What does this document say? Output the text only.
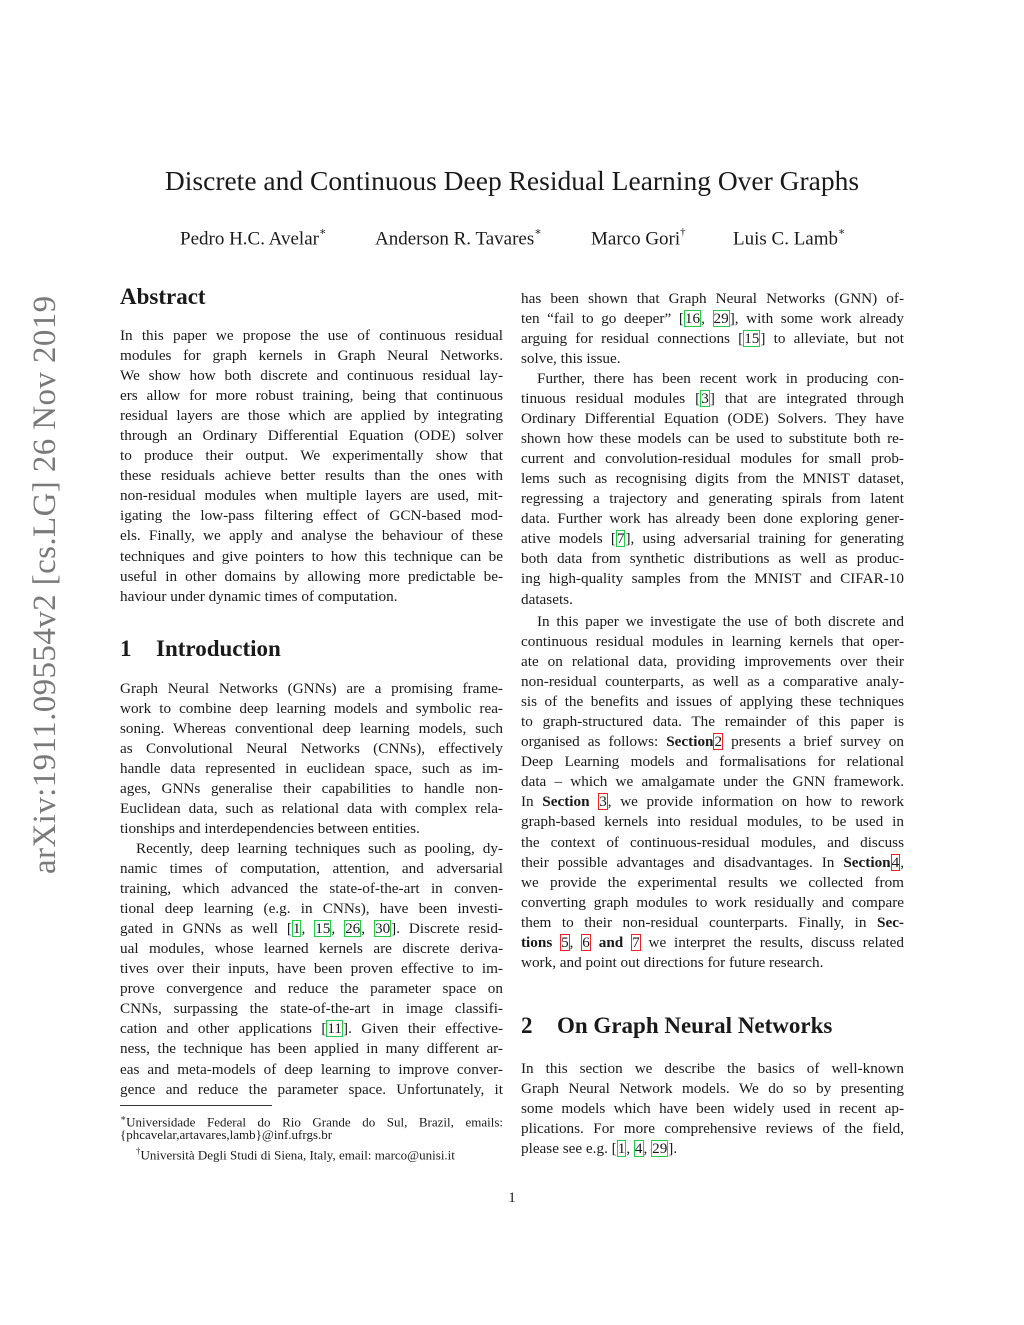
arXiv:1911.09554v2 [cs.LG] 26 Nov 2019
Discrete and Continuous Deep Residual Learning Over Graphs
Pedro H.C. Avelar∗	Anderson R. Tavares∗	Marco Gori† Luis C. Lamb∗
Abstract
In this paper we propose the use of continuous residual
modules for graph kernels in Graph Neural Networks.
We show how both discrete and continuous residual lay-
ers allow for more robust training, being that continuous
residual layers are those which are applied by integrating
through an Ordinary Differential Equation (ODE) solver
to produce their output. We experimentally show that
these residuals achieve better results than the ones with
non-residual modules when multiple layers are used, mit-
igating the low-pass filtering effect of GCN-based mod-
els. Finally, we apply and analyse the behaviour of these
techniques and give pointers to how this technique can be
useful in other domains by allowing more predictable be-
haviour under dynamic times of computation.
1 Introduction
Graph Neural Networks (GNNs) are a promising frame-
work to combine deep learning models and symbolic rea-
soning. Whereas conventional deep learning models, such
as Convolutional Neural Networks (CNNs), effectively
handle data represented in euclidean space, such as im-
ages, GNNs generalise their capabilities to handle non-
Euclidean data, such as relational data with complex rela-
tionships and interdependencies between entities.
Recently, deep learning techniques such as pooling, dy-
namic times of computation, attention, and adversarial
training, which advanced the state-of-the-art in conven-
tional deep learning (e.g. in CNNs), have been investi-
gated in GNNs as well [1, 15, 26, 30]. Discrete resid-
ual modules, whose learned kernels are discrete deriva-
tives over their inputs, have been proven effective to im-
prove convergence and reduce the parameter space on
CNNs, surpassing the state-of-the-art in image classifi-
cation and other applications [11]. Given their effective-
ness, the technique has been applied in many different ar-
eas and meta-models of deep learning to improve conver-
gence and reduce the parameter space. Unfortunately, it
∗Universidade Federal do Rio Grande do Sul, Brazil, emails:
{phcavelar,artavares,lamb}@inf.ufrgs.br
†Università Degli Studi di Siena, Italy, email: marco@unisi.it
has been shown that Graph Neural Networks (GNN) of-
ten “fail to go deeper” [16, 29], with some work already
arguing for residual connections [15] to alleviate, but not
solve, this issue.
Further, there has been recent work in producing con-
tinuous residual modules [3] that are integrated through
Ordinary Differential Equation (ODE) Solvers. They have
shown how these models can be used to substitute both re-
current and convolution-residual modules for small prob-
lems such as recognising digits from the MNIST dataset,
regressing a trajectory and generating spirals from latent
data. Further work has already been done exploring gener-
ative models [7], using adversarial training for generating
both data from synthetic distributions as well as produc-
ing high-quality samples from the MNIST and CIFAR-10
datasets.
In this paper we investigate the use of both discrete and
continuous residual modules in learning kernels that oper-
ate on relational data, providing improvements over their
non-residual counterparts, as well as a comparative analy-
sis of the benefits and issues of applying these techniques
to graph-structured data. The remainder of this paper is
organised as follows: Section2 presents a brief survey on
Deep Learning models and formalisations for relational
data – which we amalgamate under the GNN framework.
In Section 3, we provide information on how to rework
graph-based kernels into residual modules, to be used in
the context of continuous-residual modules, and discuss
their possible advantages and disadvantages. In Section4,
we provide the experimental results we collected from
converting graph modules to work residually and compare
them to their non-residual counterparts. Finally, in Sec-
tions 5, 6 and 7 we interpret the results, discuss related
work, and point out directions for future research.
2 On Graph Neural Networks
In this section we describe the basics of well-known
Graph Neural Network models. We do so by presenting
some models which have been widely used in recent ap-
plications. For more comprehensive reviews of the field,
please see e.g. [1, 4, 29].
1
